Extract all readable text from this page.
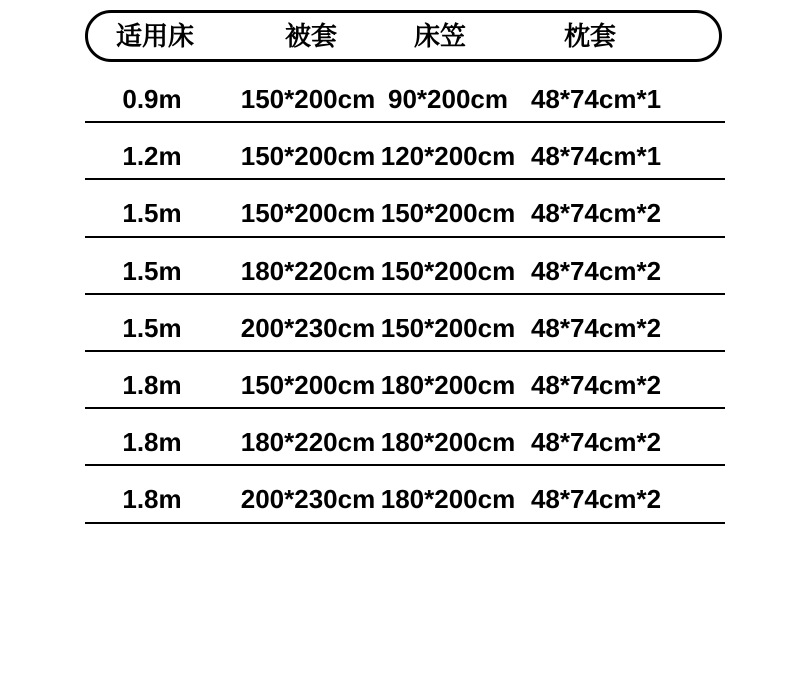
适用床	被套	床笠	枕套
0.9m 150*200cm 90*200cm 48*74cm*1
1.2m 150*200cm 120*200cm 48*74cm*1
1.5m 150*200cm 150*200cm 48*74cm*2
1.5m 180*220cm 150*200cm 48*74cm*2
1.5m 200*230cm 150*200cm 48*74cm*2
1.8m 150*200cm 180*200cm 48*74cm*2
1.8m 180*220cm 180*200cm 48*74cm*2
1.8m 200*230cm 180*200cm 48*74cm*2
